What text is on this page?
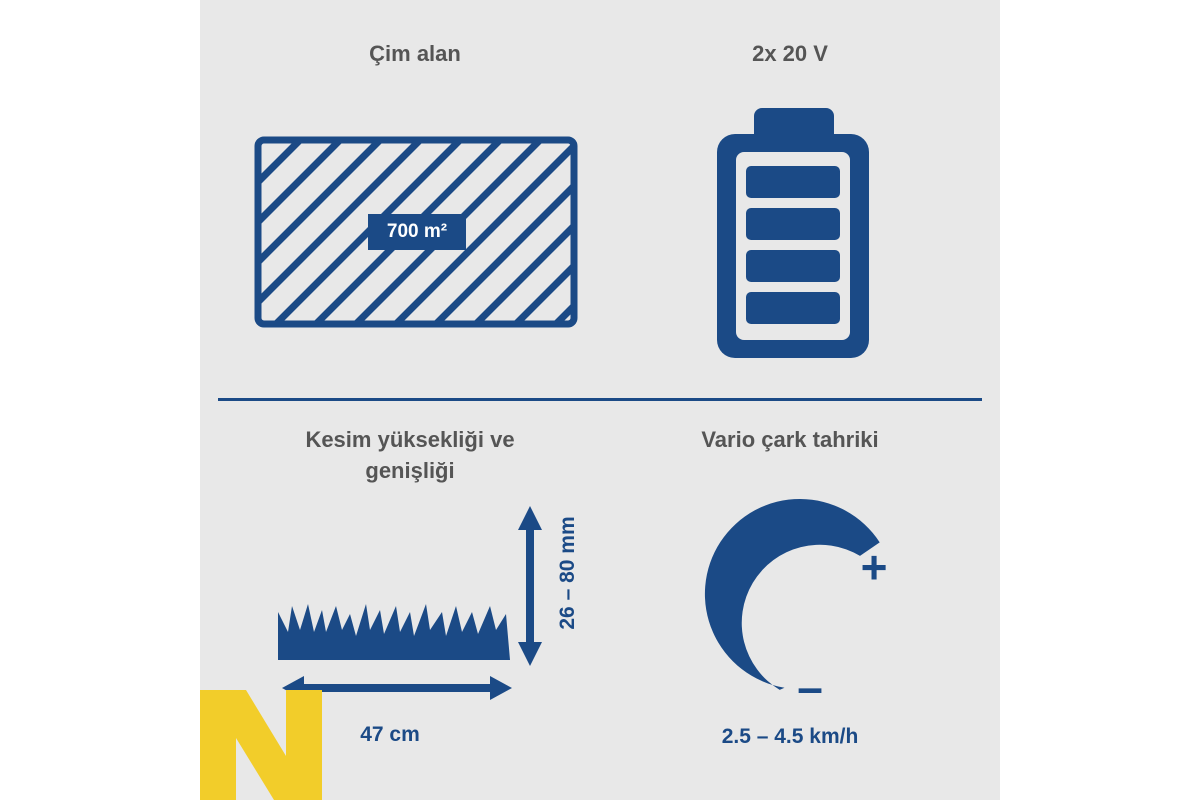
Çim alan
700 m²
2x 20 V
Kesim yüksekliği ve
genişliği
26 – 80 mm
47 cm
Vario çark tahriki
+
–
2.5 – 4.5 km/h
